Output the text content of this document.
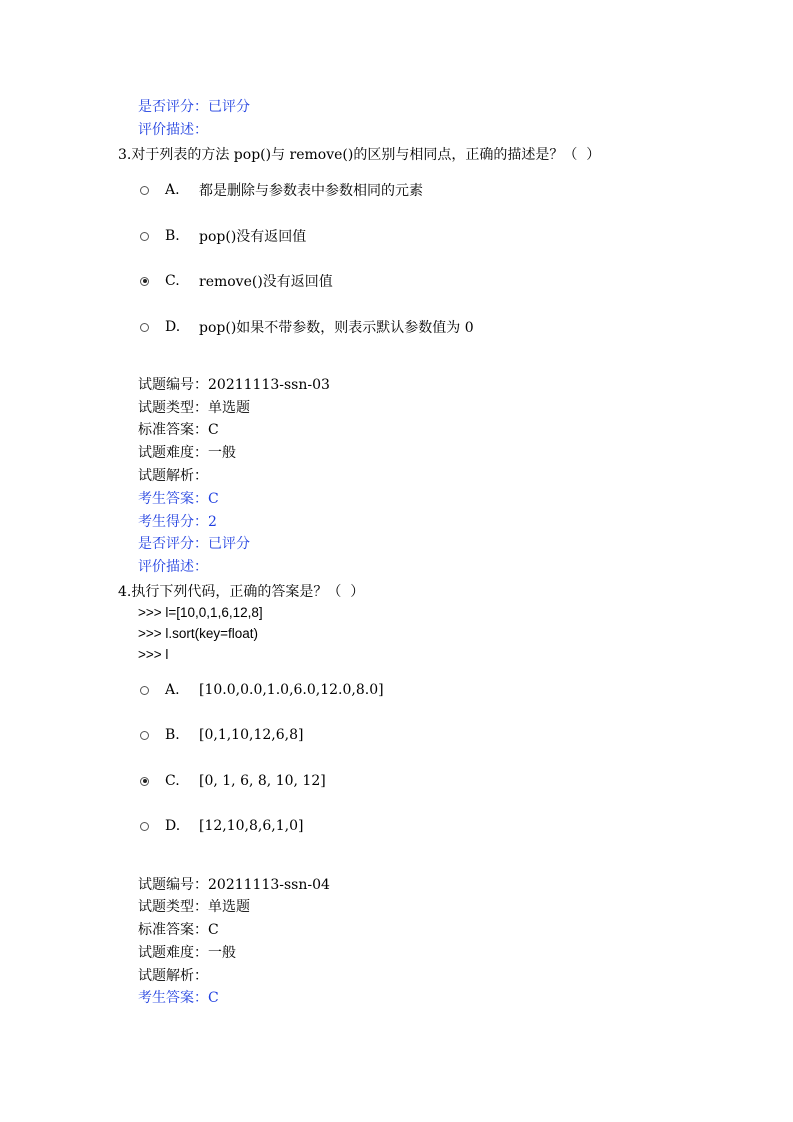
是否评分：已评分
评价描述：
3.对于列表的方法 pop()与 remove()的区别与相同点，正确的描述是？（  ）
A.	都是删除与参数表中参数相同的元素
B.	pop()没有返回值
C.	remove()没有返回值
D.	pop()如果不带参数，则表示默认参数值为 0
试题编号：20211113-ssn-03
试题类型：单选题
标准答案：C
试题难度：一般
试题解析：
考生答案：C
考生得分：2
是否评分：已评分
评价描述：
4.执行下列代码，正确的答案是？（  ）
>>> l=[10,0,1,6,12,8]
>>> l.sort(key=float)
>>> l
A.	[10.0,0.0,1.0,6.0,12.0,8.0]
B.	[0,1,10,12,6,8]
C.	[0, 1, 6, 8, 10, 12]
D.	[12,10,8,6,1,0]
试题编号：20211113-ssn-04
试题类型：单选题
标准答案：C
试题难度：一般
试题解析：
考生答案：C
